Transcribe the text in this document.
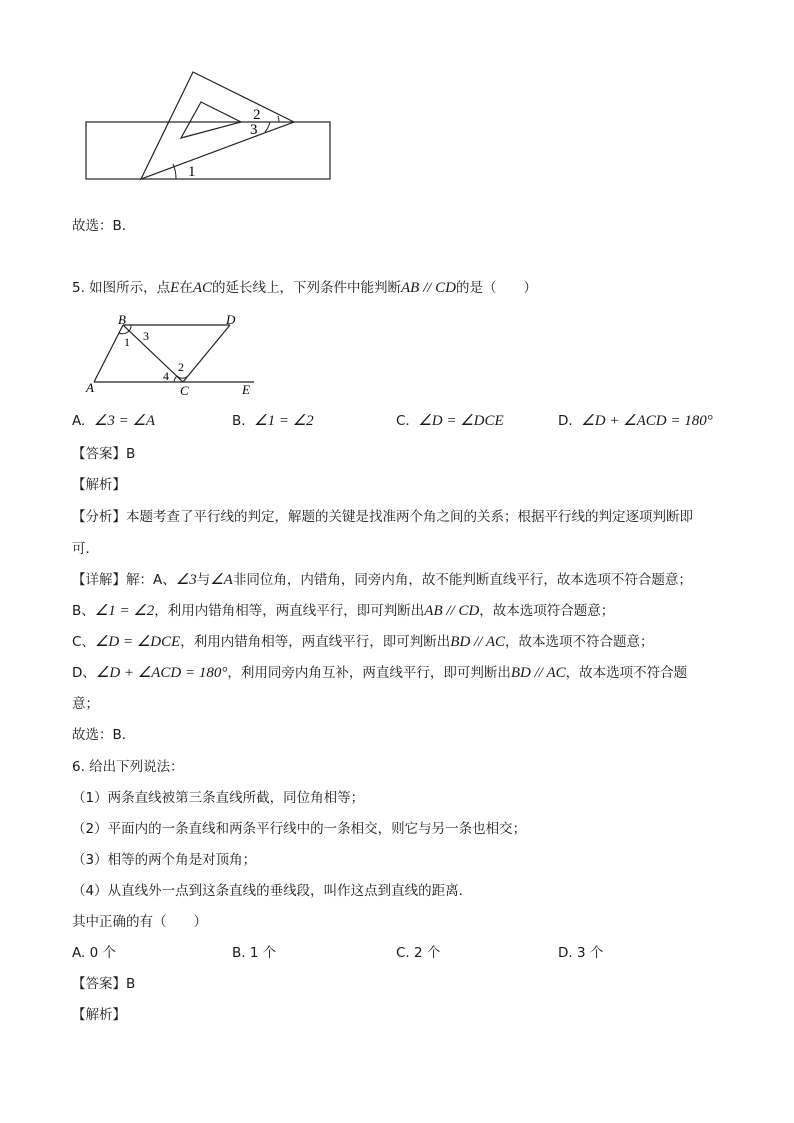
1
2
3
故选：B．
5. 如图所示，点E在AC的延长线上，下列条件中能判断AB // CD的是（　　）
B	D
A	C	E
1 3
2
4
A. ∠3 = ∠A	B. ∠1 = ∠2	C. ∠D = ∠DCE	D. ∠D + ∠ACD = 180°
【答案】B
【解析】
【分析】本题考查了平行线的判定，解题的关键是找准两个角之间的关系；根据平行线的判定逐项判断即
可．
【详解】解：A、∠3与∠A非同位角，内错角，同旁内角，故不能判断直线平行，故本选项不符合题意；
B、∠1 = ∠2，利用内错角相等，两直线平行，即可判断出AB // CD，故本选项符合题意；
C、∠D = ∠DCE，利用内错角相等，两直线平行，即可判断出BD // AC，故本选项不符合题意；
D、∠D + ∠ACD = 180°，利用同旁内角互补，两直线平行，即可判断出BD // AC，故本选项不符合题
意；
故选：B．
6. 给出下列说法：
（1）两条直线被第三条直线所截，同位角相等；
（2）平面内的一条直线和两条平行线中的一条相交，则它与另一条也相交；
（3）相等的两个角是对顶角；
（4）从直线外一点到这条直线的垂线段，叫作这点到直线的距离．
其中正确的有（　　）
A. 0 个	B. 1 个	C. 2 个	D. 3 个
【答案】B
【解析】
